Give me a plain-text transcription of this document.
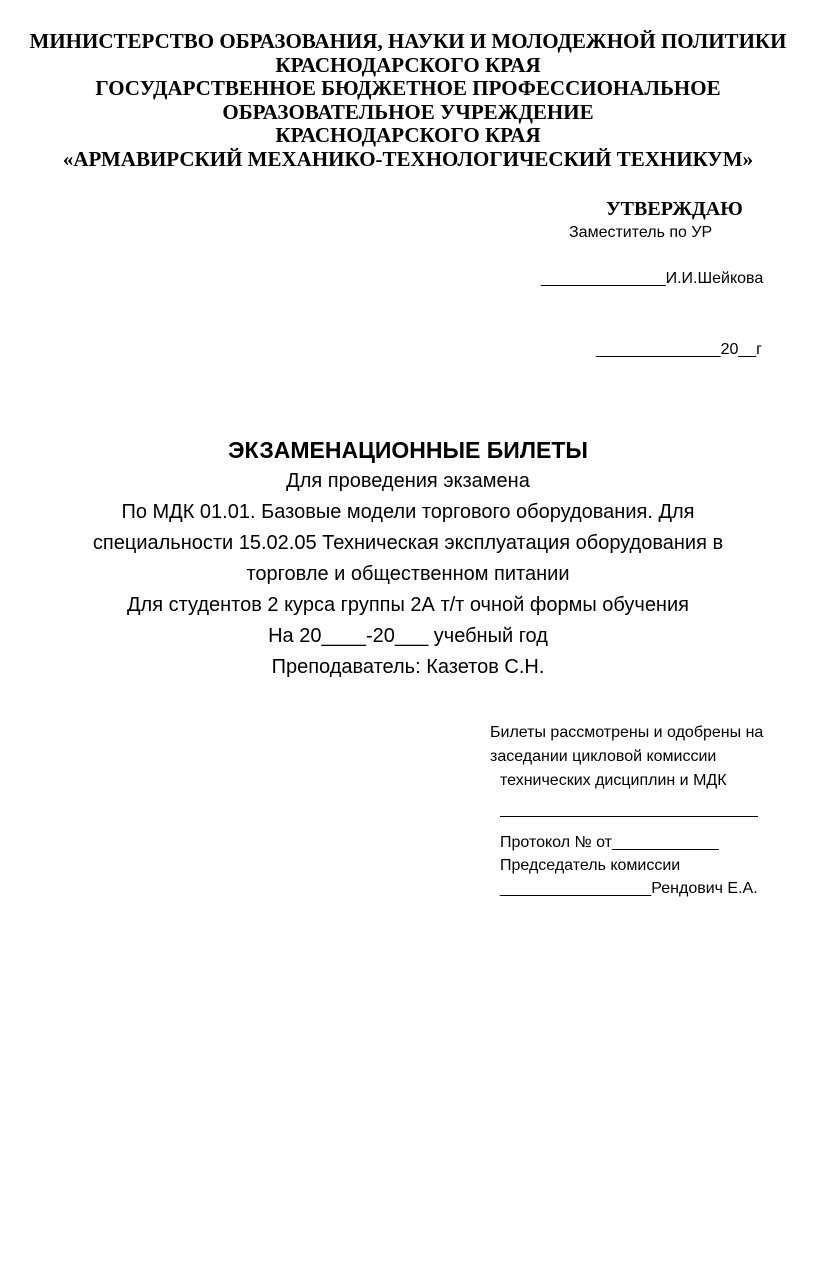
МИНИСТЕРСТВО ОБРАЗОВАНИЯ, НАУКИ И МОЛОДЕЖНОЙ ПОЛИТИКИ
КРАСНОДАРСКОГО КРАЯ
ГОСУДАРСТВЕННОЕ БЮДЖЕТНОЕ ПРОФЕССИОНАЛЬНОЕ
ОБРАЗОВАТЕЛЬНОЕ УЧРЕЖДЕНИЕ
КРАСНОДАРСКОГО КРАЯ
«АРМАВИРСКИЙ МЕХАНИКО-ТЕХНОЛОГИЧЕСКИЙ ТЕХНИКУМ»
УТВЕРЖДАЮ
Заместитель по УР
______________И.И.Шейкова
______________20__г
ЭКЗАМЕНАЦИОННЫЕ БИЛЕТЫ
Для проведения экзамена
По МДК 01.01. Базовые модели торгового оборудования. Для
специальности 15.02.05 Техническая эксплуатация оборудования в
торговле и общественном питании
Для студентов 2 курса группы 2А т/т очной формы обучения
На 20____-20___ учебный год
Преподаватель: Казетов С.Н.
Билеты рассмотрены и одобрены на
заседании цикловой комиссии
технических дисциплин и МДК
Протокол № от____________
Председатель комиссии
_________________Рендович Е.А.
